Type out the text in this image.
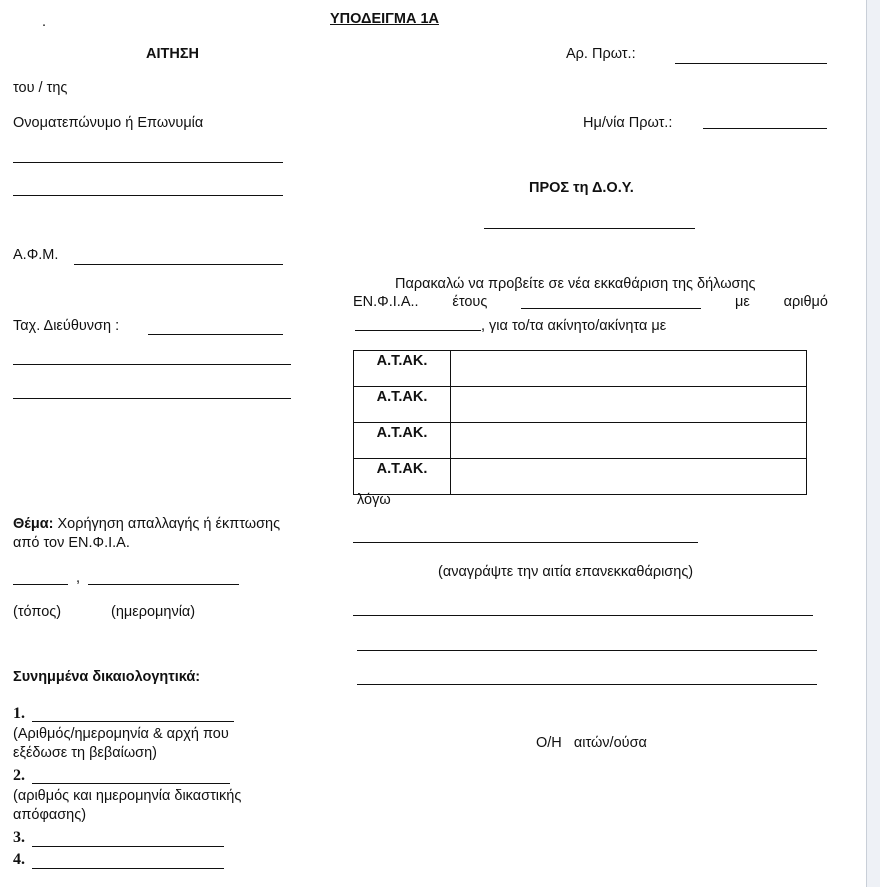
.	ΥΠΟΔΕΙΓΜΑ 1Α
ΑΙΤΗΣΗ
του / της
Ονοματεπώνυμο ή Επωνυμία
Α.Φ.Μ.
Ταχ. Διεύθυνση :
Θέμα: Χορήγηση απαλλαγής ή έκπτωσης
από τον ΕΝ.Φ.Ι.Α.
,
(τόπος)	(ημερομηνία)
Συνημμένα δικαιολογητικά:
1.
(Αριθμός/ημερομηνία & αρχή που
εξέδωσε τη βεβαίωση)
2.
(αριθμός και ημερομηνία δικαστικής
απόφασης)
3.
4.
Αρ. Πρωτ.:
Ημ/νία Πρωτ.:
ΠΡΟΣ τη Δ.Ο.Υ.
Παρακαλώ να προβείτε σε νέα εκκαθάριση της δήλωσης
ΕΝ.Φ.Ι.Α.. έτους	με αριθμό
, για το/τα ακίνητο/ακίνητα με
Α.Τ.ΑΚ.	
Α.Τ.ΑΚ.	
Α.Τ.ΑΚ.	
Α.Τ.ΑΚ.	
λόγω
(αναγράψτε την αιτία επανεκκαθάρισης)
Ο/Η   αιτών/ούσα
